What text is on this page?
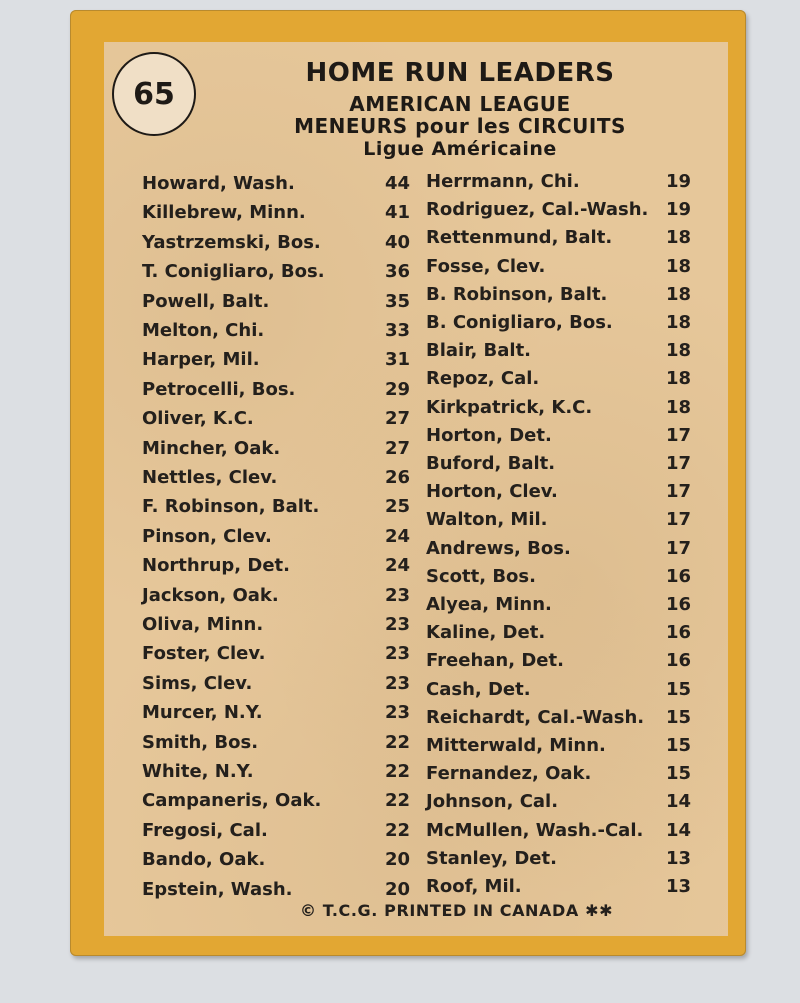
65
HOME RUN LEADERS
AMERICAN LEAGUE
MENEURS pour les CIRCUITS
Ligue Américaine
Howard, Wash.	44
Killebrew, Minn.	41
Yastrzemski, Bos.	40
T. Conigliaro, Bos.	36
Powell, Balt.	35
Melton, Chi.	33
Harper, Mil.	31
Petrocelli, Bos.	29
Oliver, K.C.	27
Mincher, Oak.	27
Nettles, Clev.	26
F. Robinson, Balt.	25
Pinson, Clev.	24
Northrup, Det.	24
Jackson, Oak.	23
Oliva, Minn.	23
Foster, Clev.	23
Sims, Clev.	23
Murcer, N.Y.	23
Smith, Bos.	22
White, N.Y.	22
Campaneris, Oak.	22
Fregosi, Cal.	22
Bando, Oak.	20
Epstein, Wash.	20
Herrmann, Chi.	19
Rodriguez, Cal.-Wash. 19
Rettenmund, Balt.	18
Fosse, Clev.	18
B. Robinson, Balt.	18
B. Conigliaro, Bos.	18
Blair, Balt.	18
Repoz, Cal.	18
Kirkpatrick, K.C.	18
Horton, Det.	17
Buford, Balt.	17
Horton, Clev.	17
Walton, Mil.	17
Andrews, Bos.	17
Scott, Bos.	16
Alyea, Minn.	16
Kaline, Det.	16
Freehan, Det.	16
Cash, Det.	15
Reichardt, Cal.-Wash.	15
Mitterwald, Minn.	15
Fernandez, Oak.	15
Johnson, Cal.	14
McMullen, Wash.-Cal.	14
Stanley, Det.	13
Roof, Mil.	13
© T.C.G. PRINTED IN CANADA ✱✱
